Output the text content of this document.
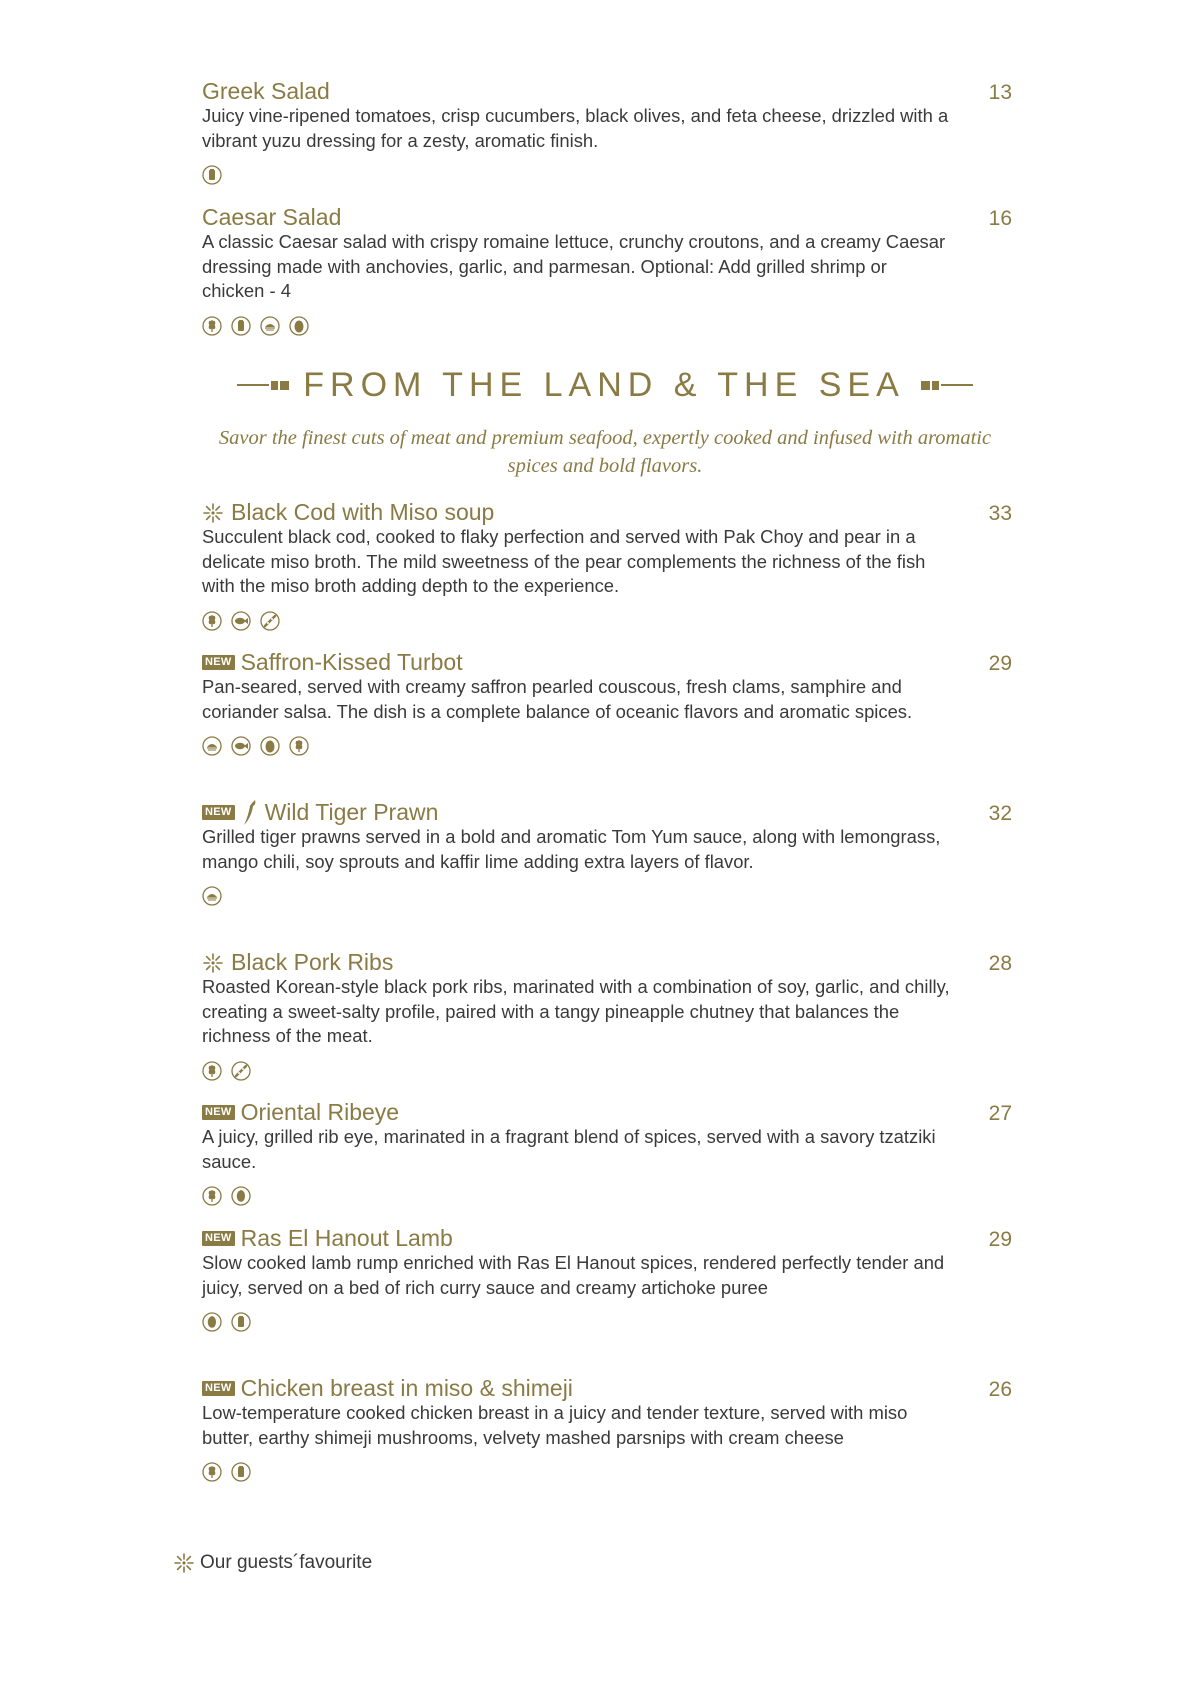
Greek Salad	13
Juicy vine-ripened tomatoes, crisp cucumbers, black olives, and feta cheese, drizzled with a vibrant yuzu dressing for a zesty, aromatic finish.
Caesar Salad	16
A classic Caesar salad with crispy romaine lettuce, crunchy croutons, and a creamy Caesar dressing made with anchovies, garlic, and parmesan. Optional: Add grilled shrimp or chicken - 4
FROM THE LAND & THE SEA
Savor the finest cuts of meat and premium seafood, expertly cooked and infused with aromatic spices and bold flavors.
Black Cod with Miso soup	33
Succulent black cod, cooked to flaky perfection and served with Pak Choy and pear in a delicate miso broth. The mild sweetness of the pear complements the richness of the fish with the miso broth adding depth to the experience.
NEW Saffron-Kissed Turbot	29
Pan-seared, served with creamy saffron pearled couscous, fresh clams, samphire and coriander salsa. The dish is a complete balance of oceanic flavors and aromatic spices.
NEW Wild Tiger Prawn	32
Grilled tiger prawns served in a bold and aromatic Tom Yum sauce, along with lemongrass, mango chili, soy sprouts and kaffir lime adding extra layers of flavor.
Black Pork Ribs	28
Roasted Korean-style black pork ribs, marinated with a combination of soy, garlic, and chilly, creating a sweet-salty profile, paired with a tangy pineapple chutney that balances the richness of the meat.
NEW Oriental Ribeye	27
A juicy, grilled rib eye, marinated in a fragrant blend of spices, served with a savory tzatziki sauce.
NEW Ras El Hanout Lamb	29
Slow cooked lamb rump enriched with Ras El Hanout spices, rendered perfectly tender and juicy, served on a bed of rich curry sauce and creamy artichoke puree
NEW Chicken breast in miso & shimeji	26
Low-temperature cooked chicken breast in a juicy and tender texture, served with miso butter, earthy shimeji mushrooms, velvety mashed parsnips with cream cheese
Our guests´favourite
